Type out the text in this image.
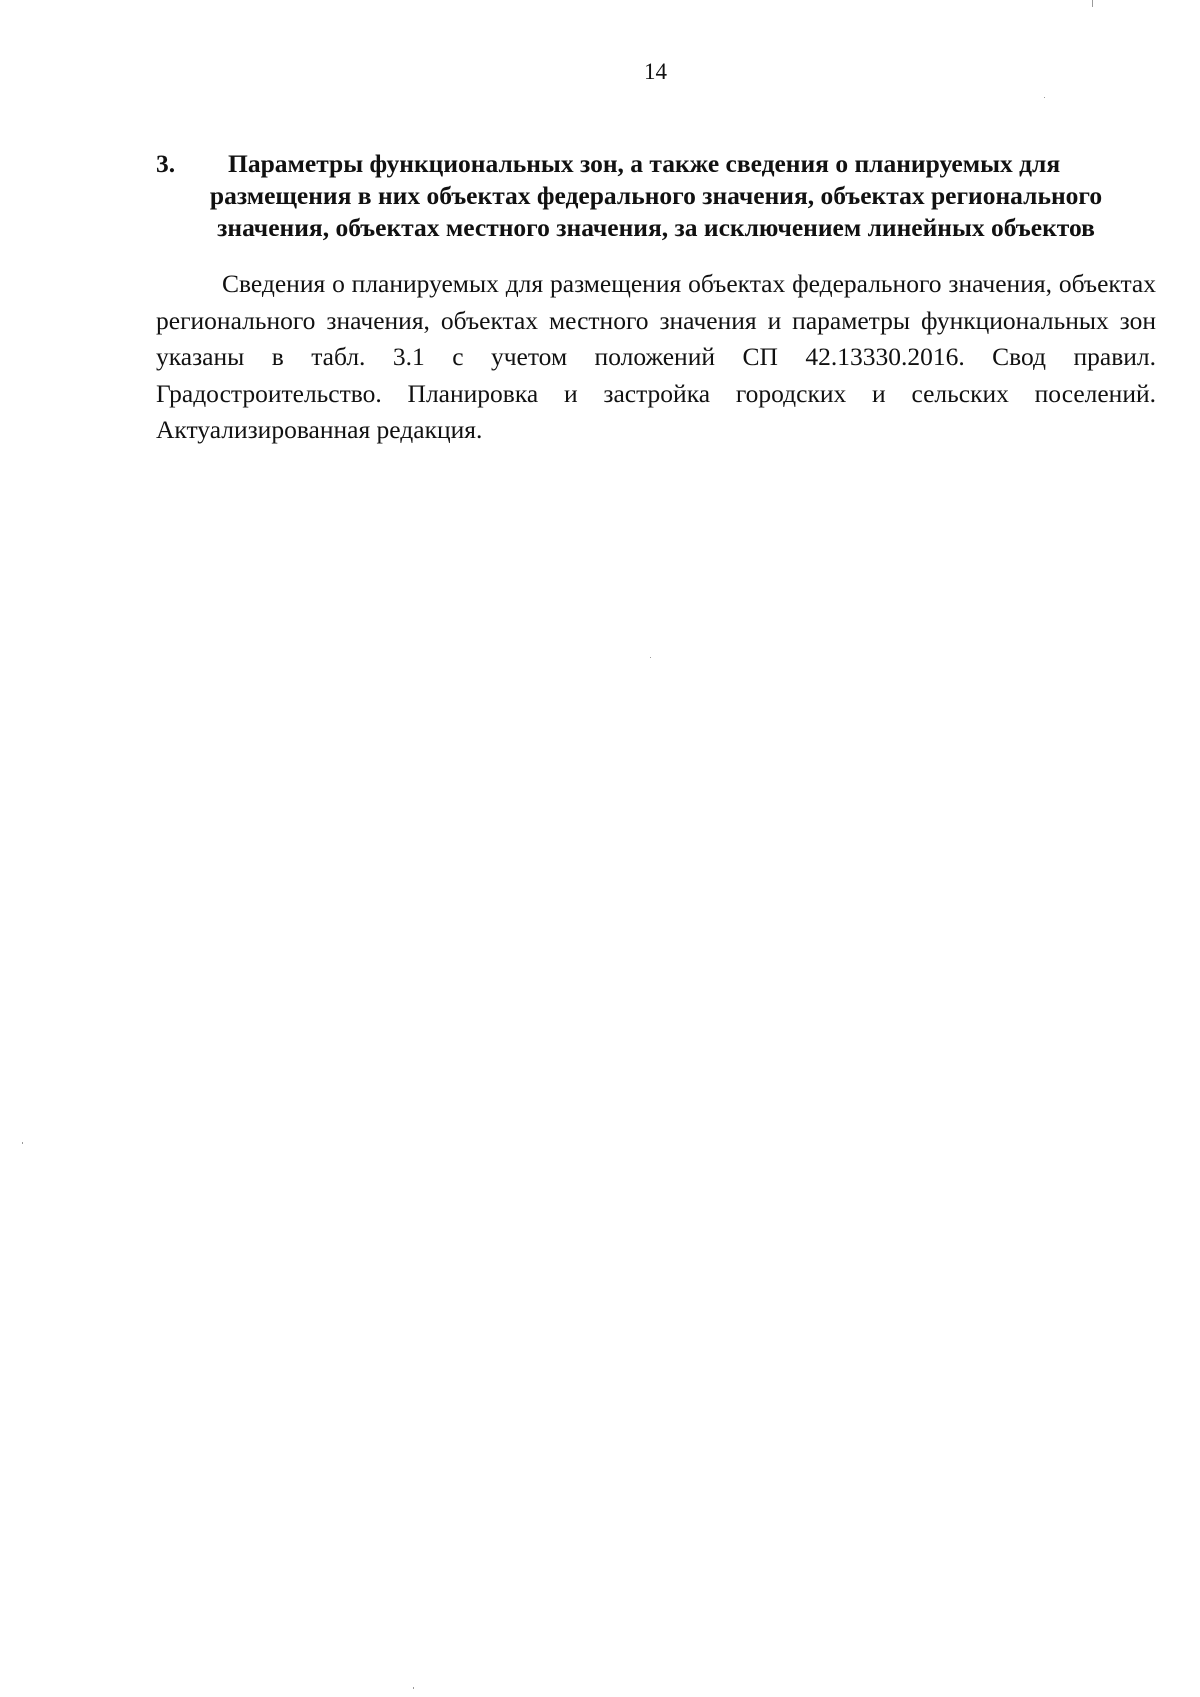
14
3. Параметры функциональных зон, а также сведения о планируемых для
размещения в них объектах федерального значения, объектах регионального
значения, объектах местного значения, за исключением линейных объектов

Сведения о планируемых для размещения объектах федерального значения, объектах регионального значения, объектах местного значения и параметры функциональных зон указаны в табл. 3.1 с учетом положений СП 42.13330.2016. Свод правил. Градостроительство. Планировка и застройка городских и сельских поселений. Актуализированная редакция.
